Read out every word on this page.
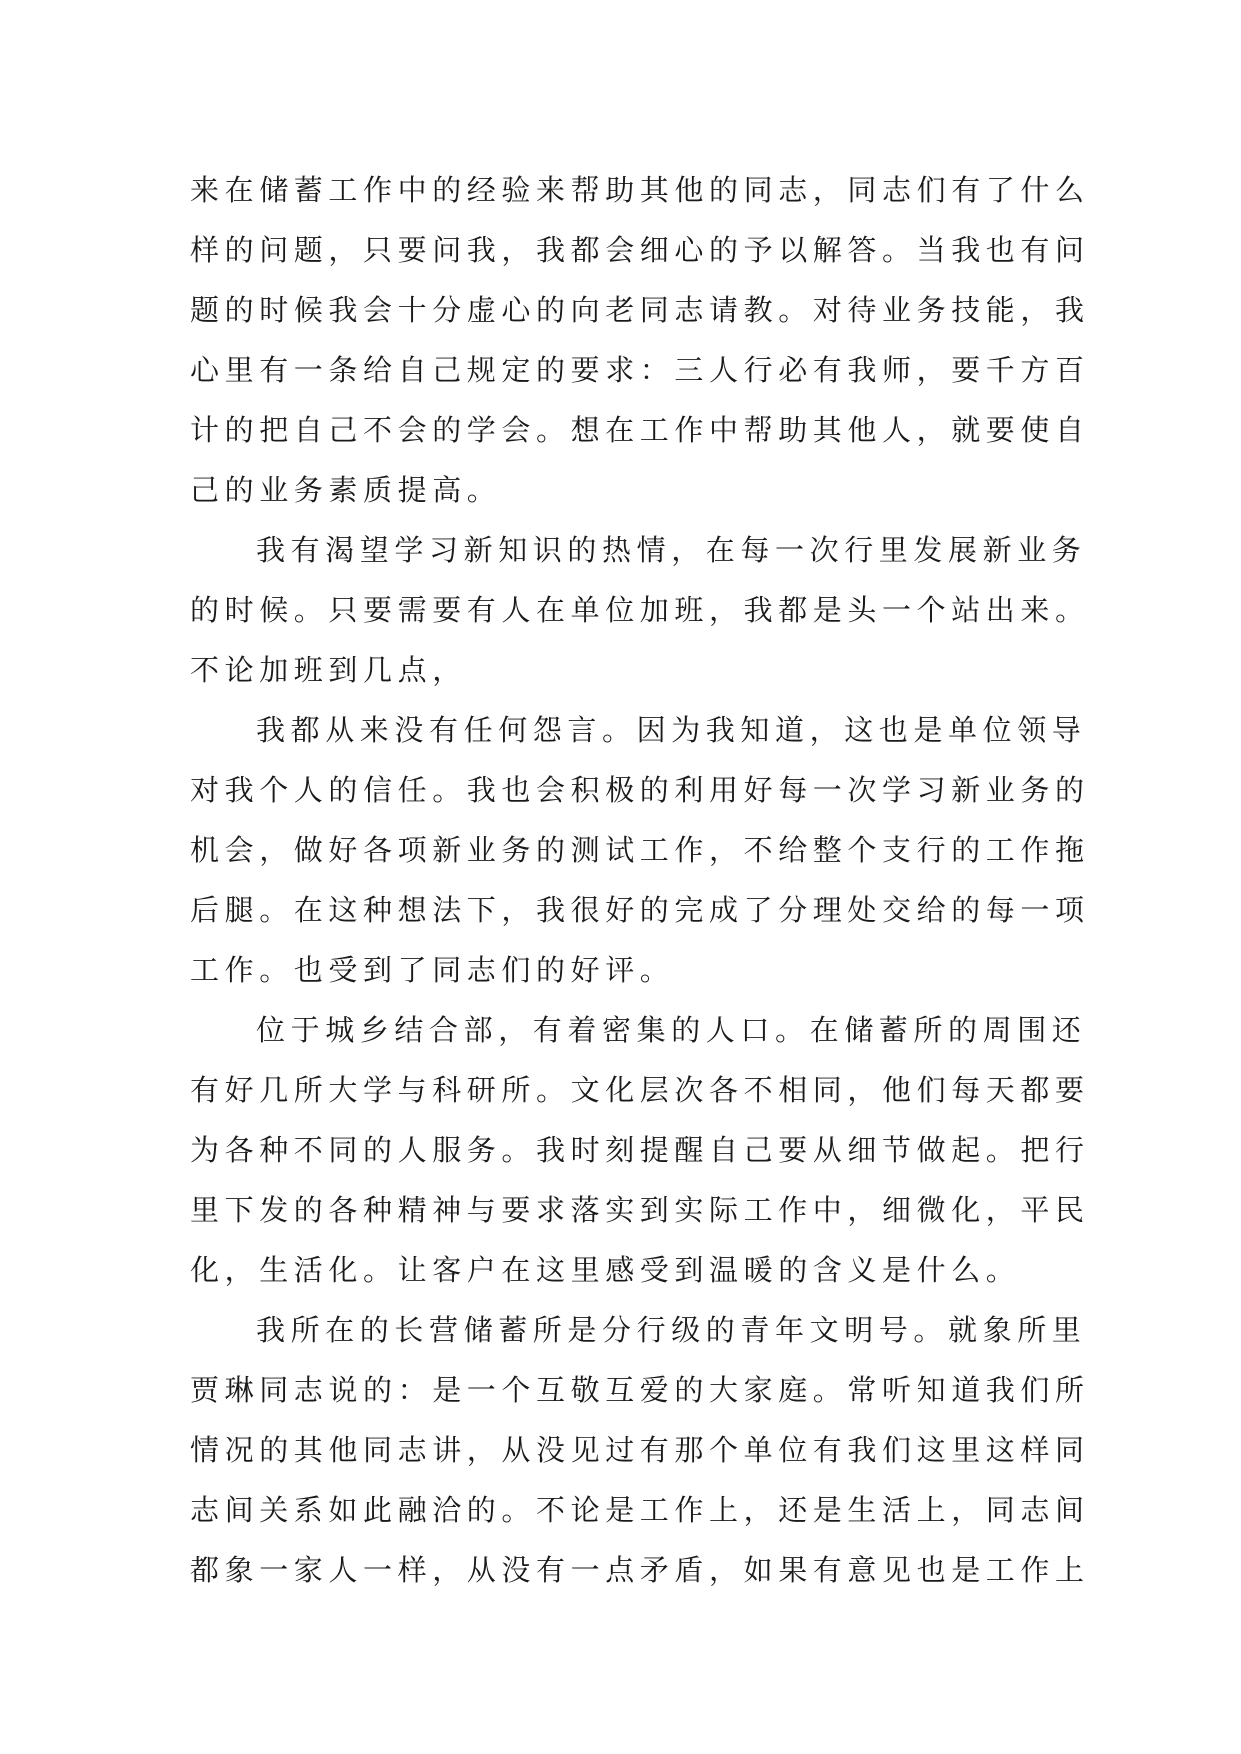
来在储蓄工作中的经验来帮助其他的同志，同志们有了什么
样的问题，只要问我，我都会细心的予以解答。当我也有问
题的时候我会十分虚心的向老同志请教。对待业务技能，我
心里有一条给自己规定的要求：三人行必有我师，要千方百
计的把自己不会的学会。想在工作中帮助其他人，就要使自
己的业务素质提高。
我有渴望学习新知识的热情，在每一次行里发展新业务
的时候。只要需要有人在单位加班，我都是头一个站出来。
不论加班到几点，
我都从来没有任何怨言。因为我知道，这也是单位领导
对我个人的信任。我也会积极的利用好每一次学习新业务的
机会，做好各项新业务的测试工作，不给整个支行的工作拖
后腿。在这种想法下，我很好的完成了分理处交给的每一项
工作。也受到了同志们的好评。
位于城乡结合部，有着密集的人口。在储蓄所的周围还
有好几所大学与科研所。文化层次各不相同，他们每天都要
为各种不同的人服务。我时刻提醒自己要从细节做起。把行
里下发的各种精神与要求落实到实际工作中，细微化，平民
化，生活化。让客户在这里感受到温暖的含义是什么。
我所在的长营储蓄所是分行级的青年文明号。就象所里
贾琳同志说的：是一个互敬互爱的大家庭。常听知道我们所
情况的其他同志讲，从没见过有那个单位有我们这里这样同
志间关系如此融洽的。不论是工作上，还是生活上，同志间
都象一家人一样，从没有一点矛盾，如果有意见也是工作上
